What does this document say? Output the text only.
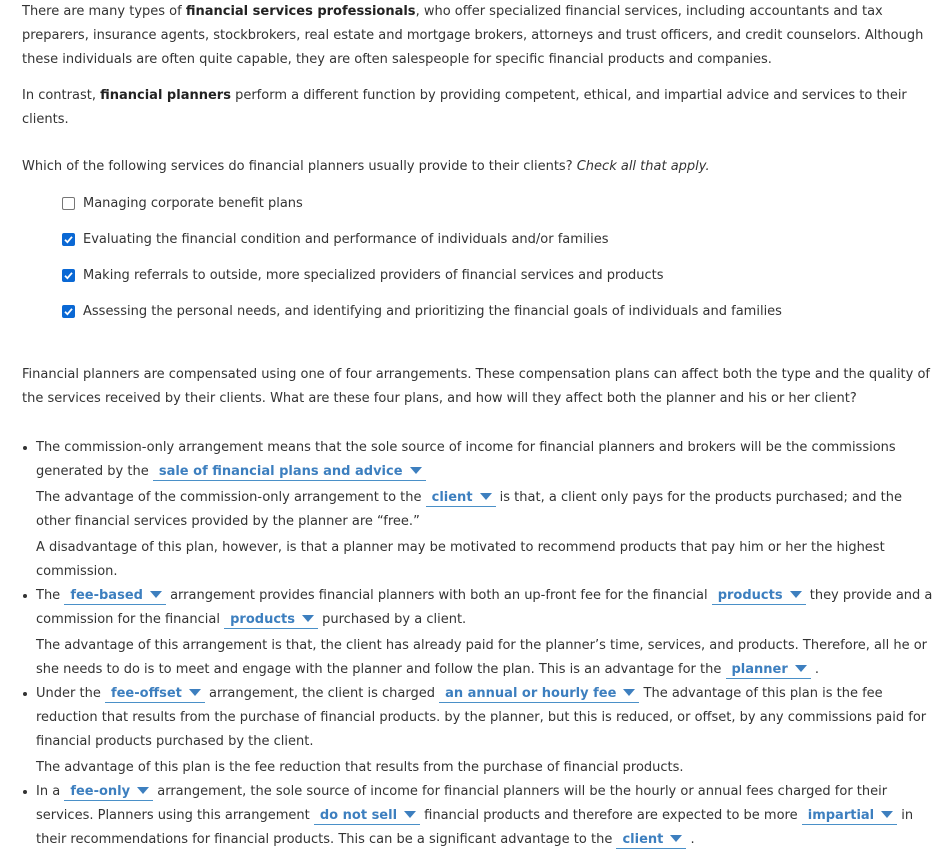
There are many types of financial services professionals, who offer specialized financial services, including accountants and tax preparers, insurance agents, stockbrokers, real estate and mortgage brokers, attorneys and trust officers, and credit counselors. Although these individuals are often quite capable, they are often salespeople for specific financial products and companies.

In contrast, financial planners perform a different function by providing competent, ethical, and impartial advice and services to their clients.

Which of the following services do financial planners usually provide to their clients? Check all that apply.

Managing corporate benefit plans
Evaluating the financial condition and performance of individuals and/or families
Making referrals to outside, more specialized providers of financial services and products
Assessing the personal needs, and identifying and prioritizing the financial goals of individuals and families

Financial planners are compensated using one of four arrangements. These compensation plans can affect both the type and the quality of the services received by their clients. What are these four plans, and how will they affect both the planner and his or her client?

The commission-only arrangement means that the sole source of income for financial planners and brokers will be the commissions generated by the sale of financial plans and advice
The advantage of the commission-only arrangement to the client is that, a client only pays for the products purchased; and the other financial services provided by the planner are “free.”
A disadvantage of this plan, however, is that a planner may be motivated to recommend products that pay him or her the highest commission.
The fee-based arrangement provides financial planners with both an up-front fee for the financial products they provide and a commission for the financial products purchased by a client.
The advantage of this arrangement is that, the client has already paid for the planner’s time, services, and products. Therefore, all he or she needs to do is to meet and engage with the planner and follow the plan. This is an advantage for the planner .
Under the fee-offset arrangement, the client is charged an annual or hourly fee The advantage of this plan is the fee reduction that results from the purchase of financial products. by the planner, but this is reduced, or offset, by any commissions paid for financial products purchased by the client.
The advantage of this plan is the fee reduction that results from the purchase of financial products.
In a fee-only arrangement, the sole source of income for financial planners will be the hourly or annual fees charged for their services. Planners using this arrangement do not sell financial products and therefore are expected to be more impartial in their recommendations for financial products. This can be a significant advantage to the client .
